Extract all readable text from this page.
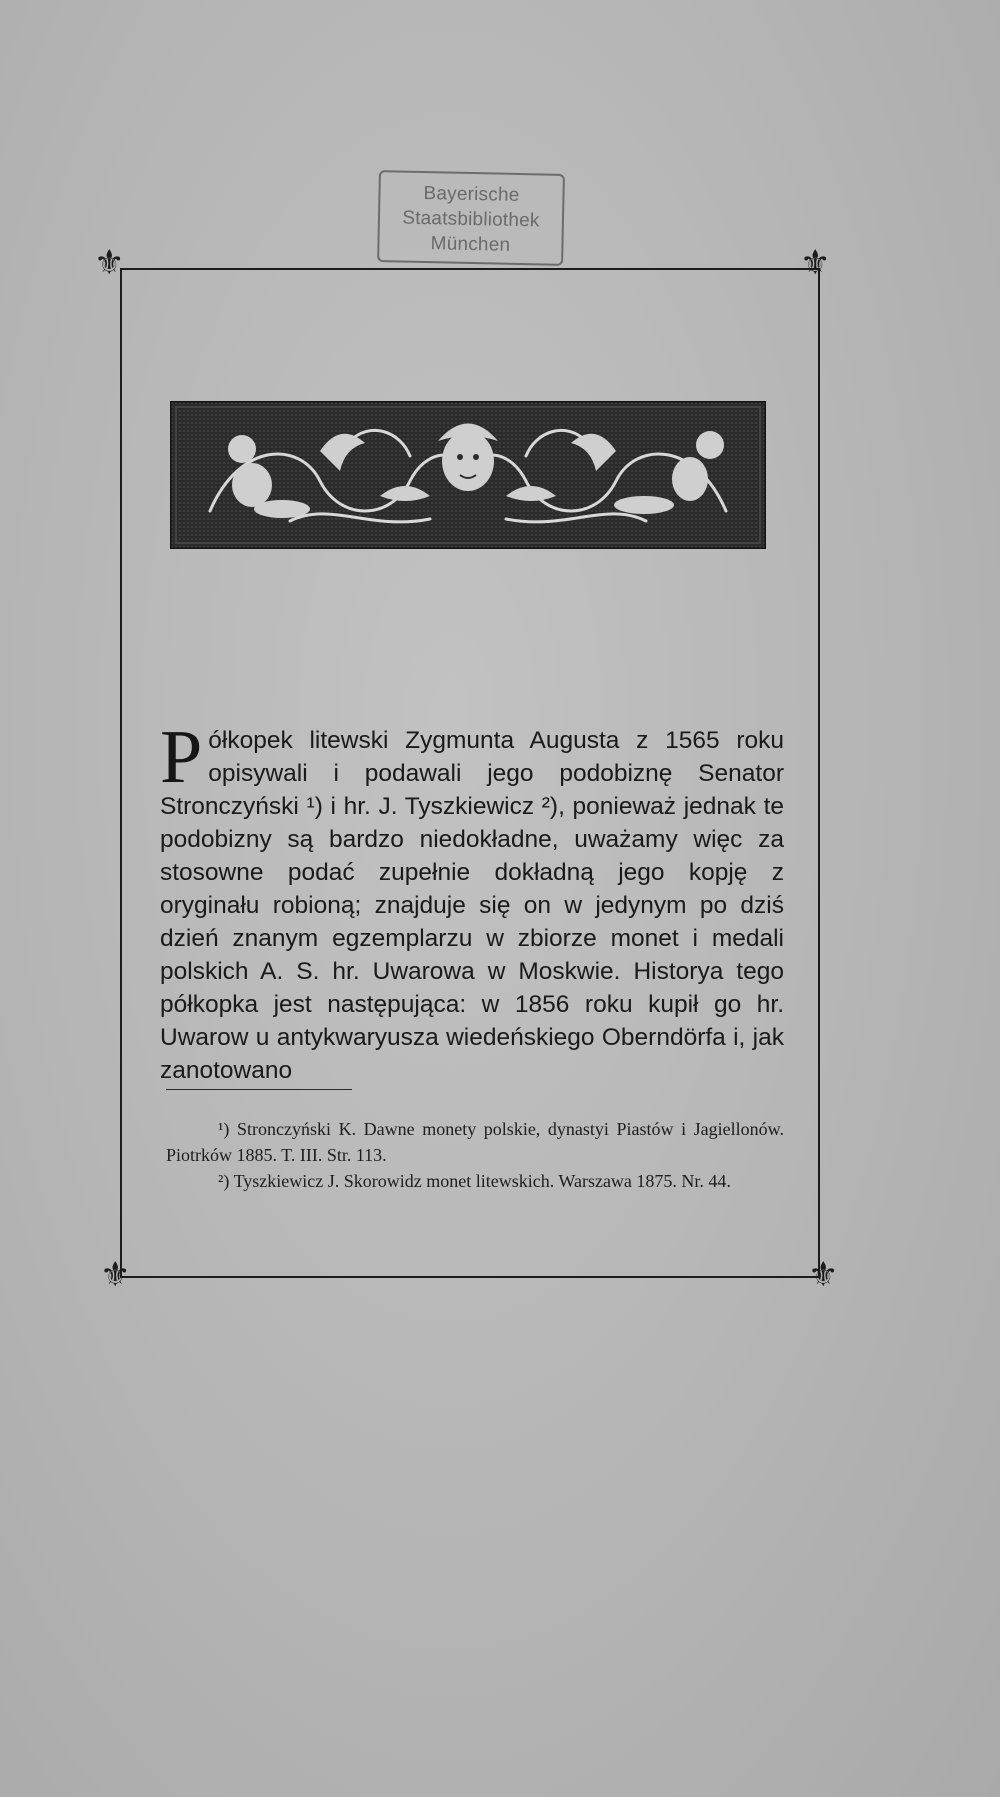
Bayerische
Staatsbibliothek
München
⚜	⚜
⚜	⚜
P ółkopek litewski Zygmunta Augusta z 1565 roku opisywali i podawali jego podobiznę Senator Stronczyński ¹) i hr. J. Tyszkiewicz ²), ponieważ jednak te podobizny są bardzo niedokładne, uważamy więc za stosowne podać zupełnie dokładną jego kopję z oryginału robioną; znajduje się on w jedynym po dziś dzień znanym egzemplarzu w zbiorze monet i medali polskich A. S. hr. Uwarowa w Moskwie. Historya tego półkopka jest następująca: w 1856 roku kupił go hr. Uwarow u antykwaryusza wiedeńskiego Oberndörfa i, jak zanotowano

¹) Stronczyński K. Dawne monety polskie, dynastyi Piastów i Jagiellonów. Piotrków 1885. T. III. Str. 113.

²) Tyszkiewicz J. Skorowidz monet litewskich. Warszawa 1875. Nr. 44.
